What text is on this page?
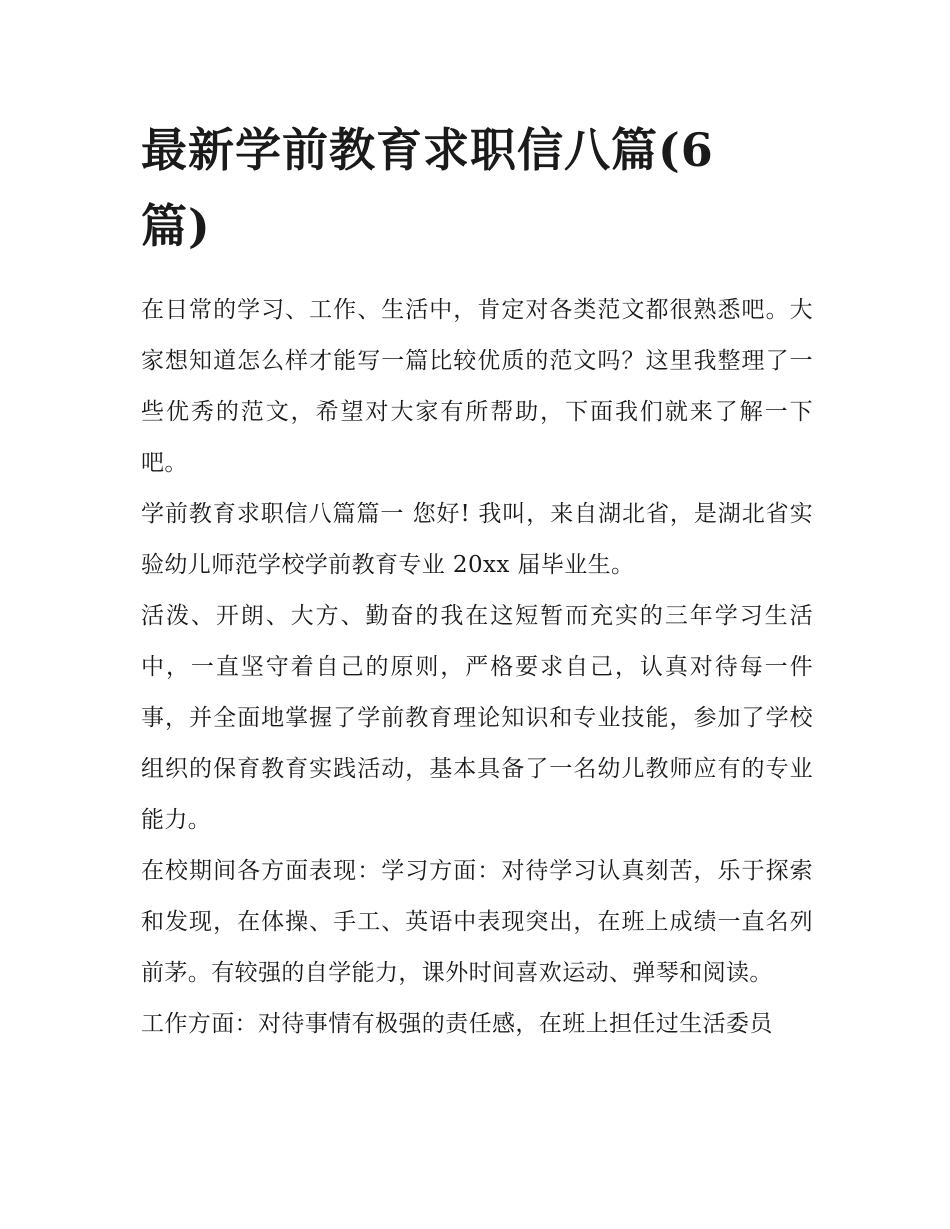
最新学前教育求职信八篇(6篇)

在日常的学习、工作、生活中，肯定对各类范文都很熟悉吧。大家想知道怎么样才能写一篇比较优质的范文吗？这里我整理了一些优秀的范文，希望对大家有所帮助，下面我们就来了解一下吧。

学前教育求职信八篇篇一 您好! 我叫，来自湖北省，是湖北省实验幼儿师范学校学前教育专业 20xx 届毕业生。

活泼、开朗、大方、勤奋的我在这短暂而充实的三年学习生活中，一直坚守着自己的原则，严格要求自己，认真对待每一件事，并全面地掌握了学前教育理论知识和专业技能，参加了学校组织的保育教育实践活动，基本具备了一名幼儿教师应有的专业能力。

在校期间各方面表现：学习方面：对待学习认真刻苦，乐于探索和发现，在体操、手工、英语中表现突出，在班上成绩一直名列前茅。有较强的自学能力，课外时间喜欢运动、弹琴和阅读。

工作方面：对待事情有极强的责任感，在班上担任过生活委员
